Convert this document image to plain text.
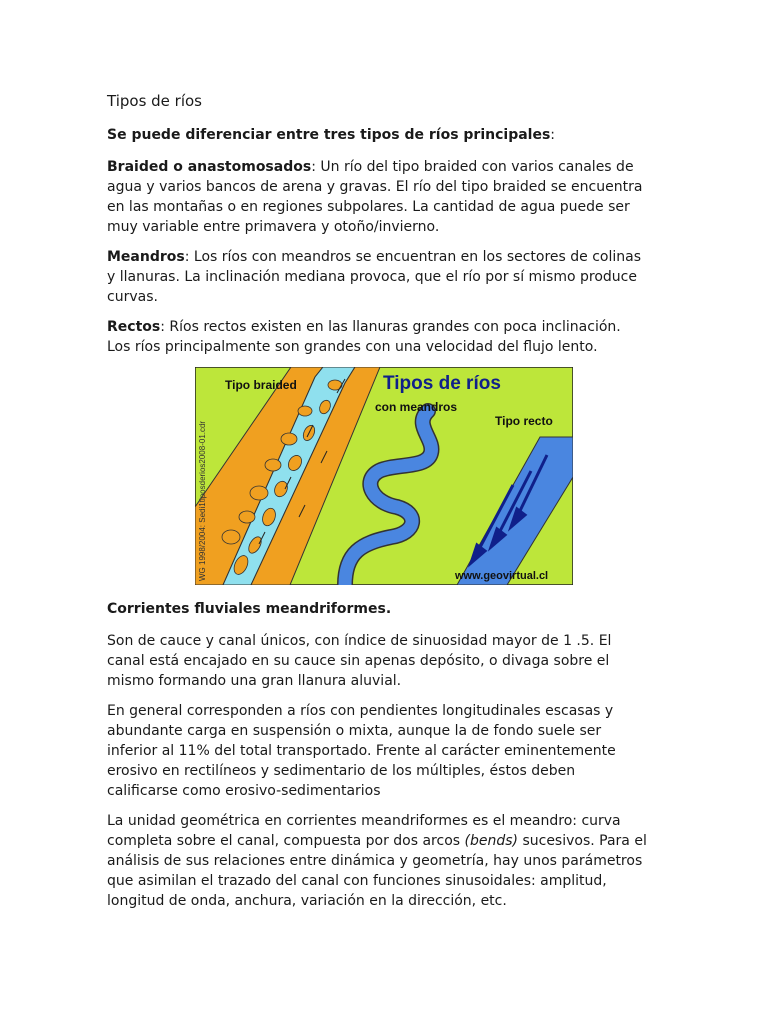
Tipos de ríos
Se puede diferenciar entre tres tipos de ríos principales:

Braided o anastomosados: Un río del tipo braided con varios canales de agua y varios bancos de arena y gravas. El río del tipo braided se encuentra en las montañas o en regiones subpolares. La cantidad de agua puede ser muy variable entre primavera y otoño/invierno.

Meandros: Los ríos con meandros se encuentran en los sectores de colinas y llanuras. La inclinación mediana provoca, que el río por sí mismo produce curvas.

Rectos: Ríos rectos existen en las llanuras grandes con poca inclinación. Los ríos principalmente son grandes con una velocidad del flujo lento.

Tipos de ríos
Tipo braided
con meandros
Tipo recto
www.geovirtual.cl
WG 1998/2004: Sedi1tiposderios2008-01.cdr
Corrientes fluviales meandriformes.

Son de cauce y canal únicos, con índice de sinuosidad mayor de 1 .5. El canal está encajado en su cauce sin apenas depósito, o divaga sobre el mismo formando una gran llanura aluvial.

En general corresponden a ríos con pendientes longitudinales escasas y abundante carga en suspensión o mixta, aunque la de fondo suele ser inferior al 11% del total transportado. Frente al carácter eminentemente erosivo en rectilíneos y sedimentario de los múltiples, éstos deben calificarse como erosivo-sedimentarios

La unidad geométrica en corrientes meandriformes es el meandro: curva completa sobre el canal, compuesta por dos arcos (bends) sucesivos. Para el análisis de sus relaciones entre dinámica y geometría, hay unos parámetros que asimilan el trazado del canal con funciones sinusoidales: amplitud, longitud de onda, anchura, variación en la dirección, etc.
